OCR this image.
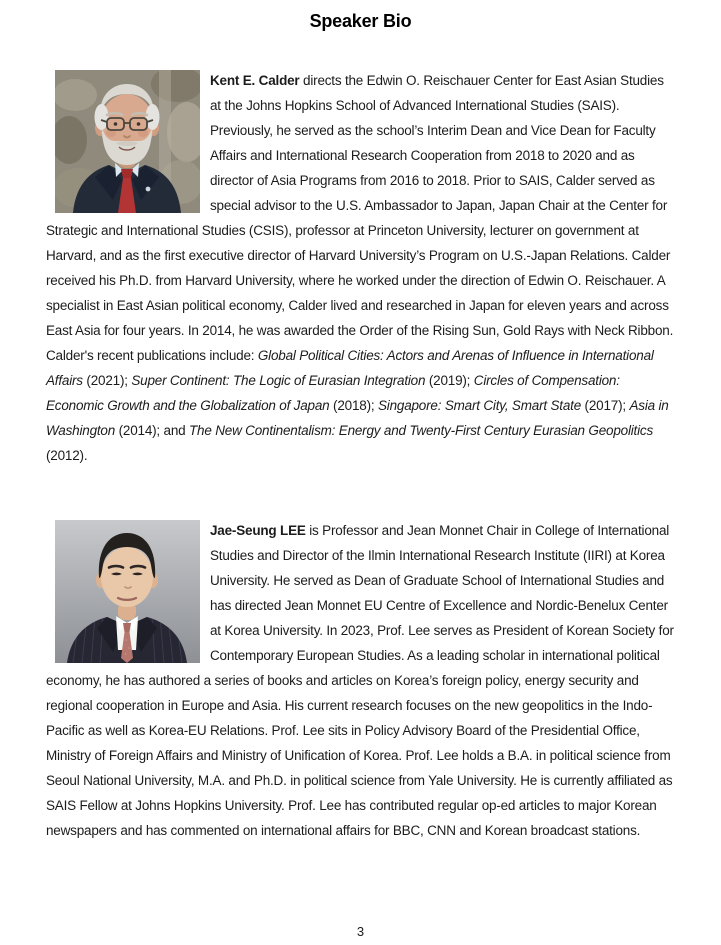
Speaker Bio

Kent E. Calder directs the Edwin O. Reischauer Center for East Asian Studies at the Johns Hopkins School of Advanced International Studies (SAIS). Previously, he served as the school’s Interim Dean and Vice Dean for Faculty Affairs and International Research Cooperation from 2018 to 2020 and as director of Asia Programs from 2016 to 2018. Prior to SAIS, Calder served as special advisor to the U.S. Ambassador to Japan, Japan Chair at the Center for Strategic and International Studies (CSIS), professor at Princeton University, lecturer on government at Harvard, and as the first executive director of Harvard University’s Program on U.S.-Japan Relations. Calder received his Ph.D. from Harvard University, where he worked under the direction of Edwin O. Reischauer. A specialist in East Asian political economy, Calder lived and researched in Japan for eleven years and across East Asia for four years. In 2014, he was awarded the Order of the Rising Sun, Gold Rays with Neck Ribbon. Calder's recent publications include: Global Political Cities: Actors and Arenas of Influence in International Affairs (2021); Super Continent: The Logic of Eurasian Integration (2019); Circles of Compensation: Economic Growth and the Globalization of Japan (2018); Singapore: Smart City, Smart State (2017); Asia in Washington (2014); and The New Continentalism: Energy and Twenty-First Century Eurasian Geopolitics (2012).

Jae-Seung LEE is Professor and Jean Monnet Chair in College of International Studies and Director of the Ilmin International Research Institute (IIRI) at Korea University. He served as Dean of Graduate School of International Studies and has directed Jean Monnet EU Centre of Excellence and Nordic-Benelux Center at Korea University. In 2023, Prof. Lee serves as President of Korean Society for Contemporary European Studies. As a leading scholar in international political economy, he has authored a series of books and articles on Korea’s foreign policy, energy security and regional cooperation in Europe and Asia. His current research focuses on the new geopolitics in the Indo-Pacific as well as Korea-EU Relations. Prof. Lee sits in Policy Advisory Board of the Presidential Office, Ministry of Foreign Affairs and Ministry of Unification of Korea. Prof. Lee holds a B.A. in political science from Seoul National University, M.A. and Ph.D. in political science from Yale University. He is currently affiliated as SAIS Fellow at Johns Hopkins University. Prof. Lee has contributed regular op-ed articles to major Korean newspapers and has commented on international affairs for BBC, CNN and Korean broadcast stations.

3
